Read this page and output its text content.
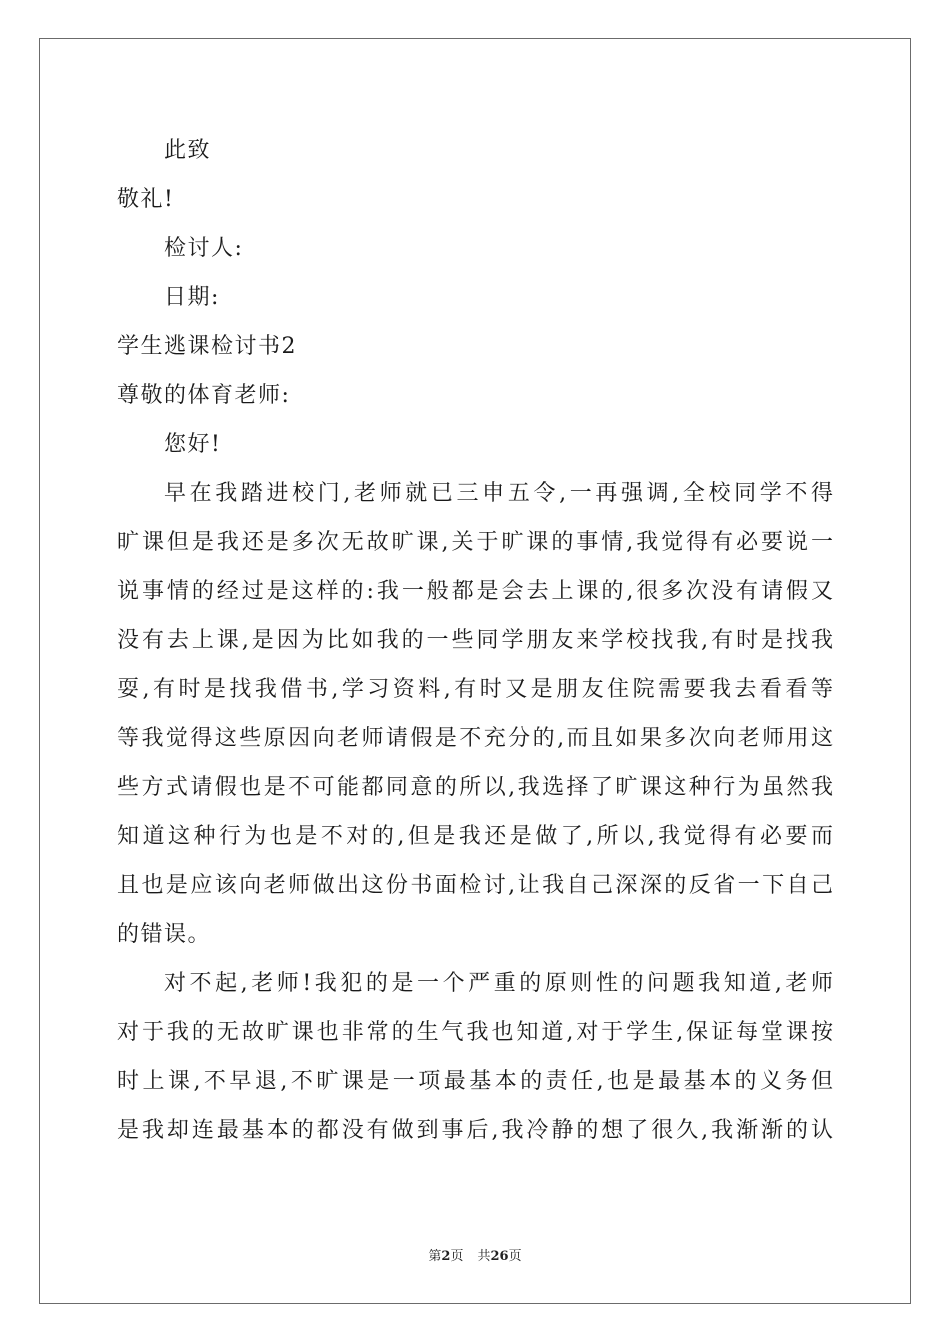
此致
敬礼!
检讨人:
日期:
学生逃课检讨书2
尊敬的体育老师:
您好!
早在我踏进校门,老师就已三申五令,一再强调,全校同学不得
旷课但是我还是多次无故旷课,关于旷课的事情,我觉得有必要说一
说事情的经过是这样的:我一般都是会去上课的,很多次没有请假又
没有去上课,是因为比如我的一些同学朋友来学校找我,有时是找我
耍,有时是找我借书,学习资料,有时又是朋友住院需要我去看看等
等我觉得这些原因向老师请假是不充分的,而且如果多次向老师用这
些方式请假也是不可能都同意的所以,我选择了旷课这种行为虽然我
知道这种行为也是不对的,但是我还是做了,所以,我觉得有必要而
且也是应该向老师做出这份书面检讨,让我自己深深的反省一下自己
的错误。
对不起,老师!我犯的是一个严重的原则性的问题我知道,老师
对于我的无故旷课也非常的生气我也知道,对于学生,保证每堂课按
时上课,不早退,不旷课是一项最基本的责任,也是最基本的义务但
是我却连最基本的都没有做到事后,我冷静的想了很久,我渐渐的认
第2页 共26页
